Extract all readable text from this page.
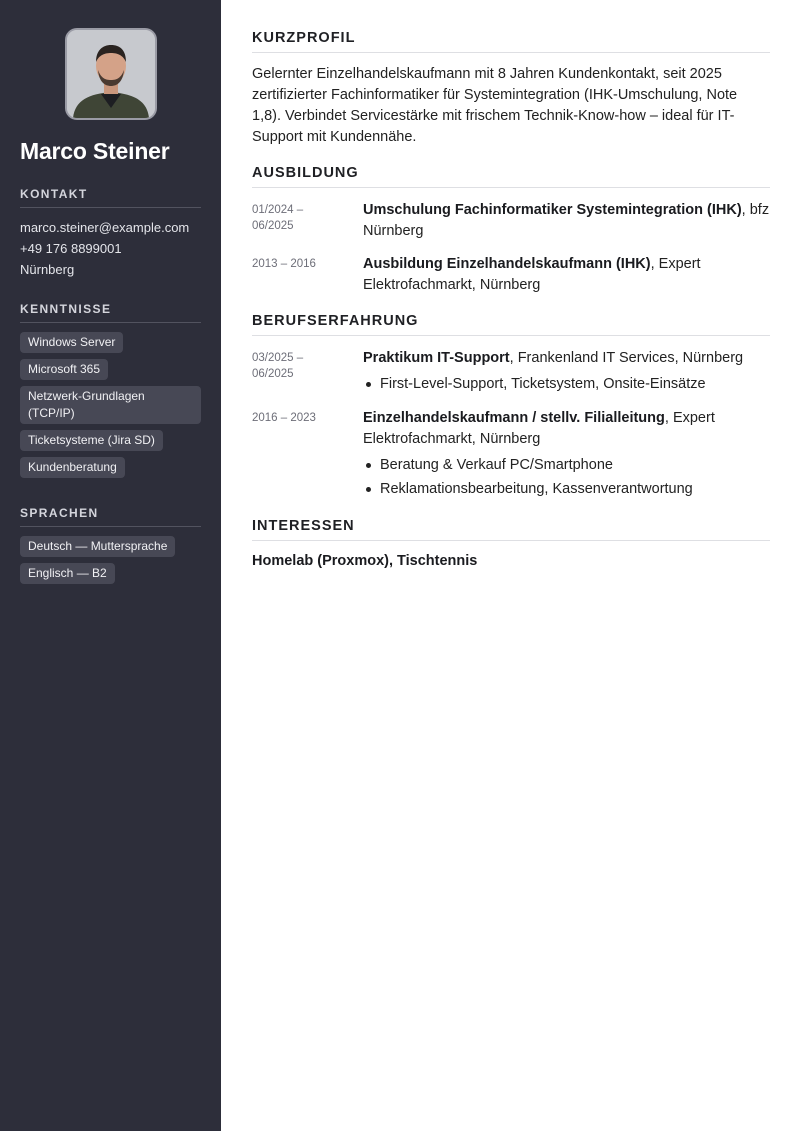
Marco Steiner
KONTAKT
marco.steiner@example.com
+49 176 8899001
Nürnberg
KENNTNISSE
Windows Server
Microsoft 365

Netzwerk-Grundlagen (TCP/IP)
Ticketsysteme (Jira SD)
Kundenberatung
SPRACHEN
Deutsch — Muttersprache
Englisch — B2
KURZPROFIL

Gelernter Einzelhandelskaufmann mit 8 Jahren Kundenkontakt, seit 2025 zertifizierter Fachinformatiker für Systemintegration (IHK-Umschulung, Note 1,8). Verbindet Servicestärke mit frischem Technik-Know-how – ideal für IT-Support mit Kundennähe.

AUSBILDUNG
01/2024 –
06/2025
Umschulung Fachinformatiker Systemintegration (IHK), bfz Nürnberg
2013 – 2016	Ausbildung Einzelhandelskaufmann (IHK), Expert Elektrofachmarkt, Nürnberg
BERUFSERFAHRUNG
03/2025 –
06/2025
Praktikum IT-Support, Frankenland IT Services, Nürnberg
First-Level-Support, Ticketsystem, Onsite-Einsätze
2016 – 2023	Einzelhandelskaufmann / stellv. Filialleitung, Expert Elektrofachmarkt, Nürnberg
Beratung & Verkauf PC/Smartphone
Reklamationsbearbeitung, Kassenverantwortung
INTERESSEN
Homelab (Proxmox), Tischtennis
